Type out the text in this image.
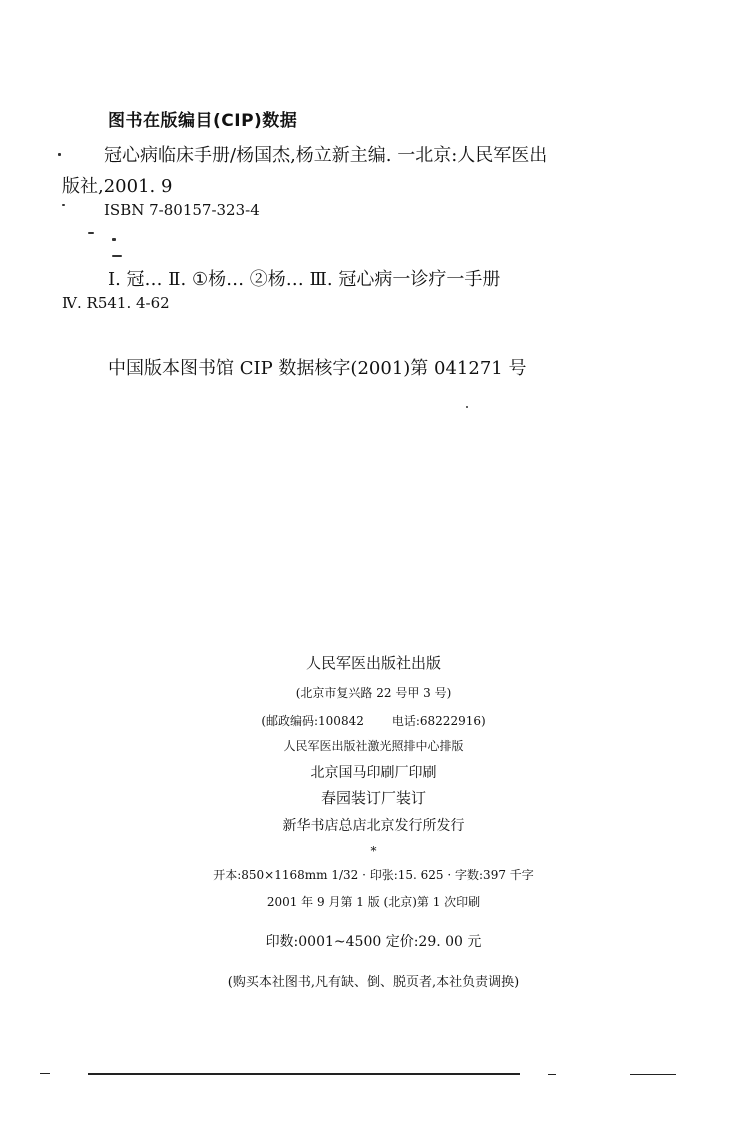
图书在版编目(CIP)数据
冠心病临床手册/杨国杰,杨立新主编. 一北京:人民军医出
版社,2001. 9
ISBN 7-80157-323-4
Ⅰ. 冠… Ⅱ. ①杨… ②杨… Ⅲ. 冠心病一诊疗一手册
Ⅳ. R541. 4-62
中国版本图书馆 CIP 数据核字(2001)第 041271 号
人民军医出版社出版
(北京市复兴路 22 号甲 3 号)
(邮政编码:100842 电话:68222916)
人民军医出版社激光照排中心排版
北京国马印刷厂印刷
春园装订厂装订
新华书店总店北京发行所发行
*
开本:850×1168mm 1/32 · 印张:15. 625 · 字数:397 千字
2001 年 9 月第 1 版 (北京)第 1 次印刷
印数:0001~4500 定价:29. 00 元
(购买本社图书,凡有缺、倒、脱页者,本社负责调换)
